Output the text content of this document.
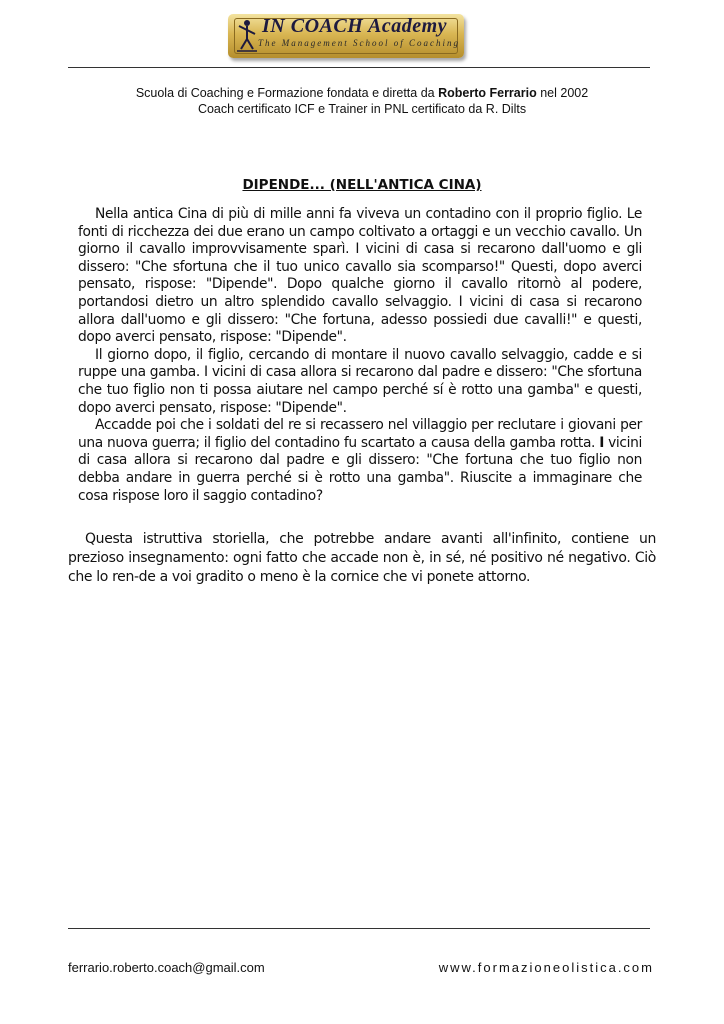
IN COACH Academy
The Management School of Coaching
Scuola di Coaching e Formazione fondata e diretta da Roberto Ferrario nel 2002
Coach certificato ICF e Trainer in PNL certificato da R. Dilts
DIPENDE... (NELL'ANTICA CINA)

Nella antica Cina di più di mille anni fa viveva un contadino con il proprio figlio. Le fonti di ricchezza dei due erano un campo coltivato a ortaggi e un vecchio cavallo. Un giorno il cavallo improvvisamente sparì. I vicini di casa si recarono dall'uomo e gli dissero: "Che sfortuna che il tuo unico cavallo sia scomparso!" Questi, dopo averci pensato, rispose: "Dipende". Dopo qualche giorno il cavallo ritornò al podere, portandosi dietro un altro splendido cavallo selvaggio. I vicini di casa si recarono allora dall'uomo e gli dissero: "Che fortuna, adesso possiedi due cavalli!" e questi, dopo averci pensato, rispose: "Dipende".

Il giorno dopo, il figlio, cercando di montare il nuovo cavallo selvaggio, cadde e si ruppe una gamba. I vicini di casa allora si recarono dal padre e dissero: "Che sfortuna che tuo figlio non ti possa aiutare nel campo perché sí è rotto una gamba" e questi, dopo averci pensato, rispose: "Dipende".

Accadde poi che i soldati del re si recassero nel villaggio per reclutare i giovani per una nuova guerra; il figlio del contadino fu scartato a causa della gamba rotta. I vicini di casa allora si recarono dal padre e gli dissero: "Che fortuna che tuo figlio non debba andare in guerra perché si è rotto una gamba". Riuscite a immaginare che cosa rispose loro il saggio contadino?

Questa istruttiva storiella, che potrebbe andare avanti all'infinito, contiene un prezioso insegnamento: ogni fatto che accade non è, in sé, né positivo né negativo. Ciò che lo ren-de a voi gradito o meno è la cornice che vi ponete attorno.

ferrario.roberto.coach@gmail.com	www.formazioneolistica.com
